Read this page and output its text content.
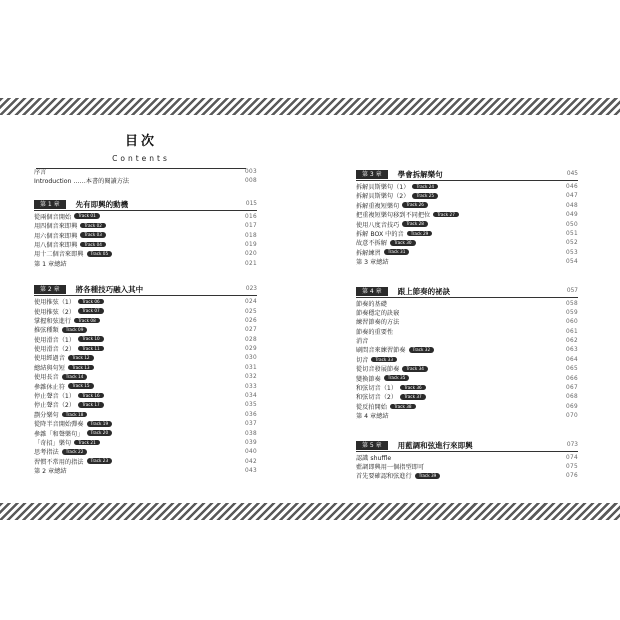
目次
Contents
序言	003
Introduction ……本書的閱讀方法	008
第 1 章	先有即興的動機	015
從兩個音開始 Track 01	016
用四個音來即興 Track 02	017
用六個音來即興 Track 03	018
用八個音來即興 Track 04	019
用十二個音來即興 Track 05	020
第 1 章總結	021
第 2 章	將各種技巧融入其中	023
使用推弦（1） Track 06	024
使用推弦（2） Track 07	025
掌握和弦進行 Track 08	026
推弦種類 Track 09	027
使用滑音（1） Track 10	028
使用滑音（2） Track 11	029
使用經過音 Track 12	030
總結與句短 Track 13	031
使用長音 Track 14	032
參雜休止符 Track 15	033
停止聲音（1） Track 16	034
停止聲音（2） Track 17	035
劃分樂句 Track 18	036
從降半音開始彈奏 Track 19	037
參雜「和聲樂句」 Track 20	038
「奇招」樂句 Track 21	039
思考指法 Track 22	040
習慣不常用的指法 Track 23	042
第 2 章總結	043
第 3 章	學會拆解樂句	045
拆解貝斯樂句（1） Track 24	046
拆解貝斯樂句（2） Track 25	047
拆解重複短樂句 Track 26	048
把重複短樂句移到不同把位 Track 27	049
使用八度音技巧 Track 28	050
拆解 BOX 中的音 Track 29	051
故意不拆解 Track 30	052
拆解練習 Track 31	053
第 3 章總結	054
第 4 章	跟上節奏的祕訣	057
節奏的基礎	058
節奏穩定的訣竅	059
練習節奏的方法	060
節奏的重要性	061
消音	062
刷問音來練習節奏 Track 32	063
切音 Track 33	064
從切音發展節奏 Track 34	065
變換節奏 Track 35	066
和弦切音（1） Track 36	067
和弦切音（2） Track 37	068
從反拍開始 Track 38	069
第 4 章總結	070
第 5 章	用藍調和弦進行來即興	073
認識 shuffle	074
藍調即興用一個指型即可	075
首先要確認和弦進行 Track 39	076
